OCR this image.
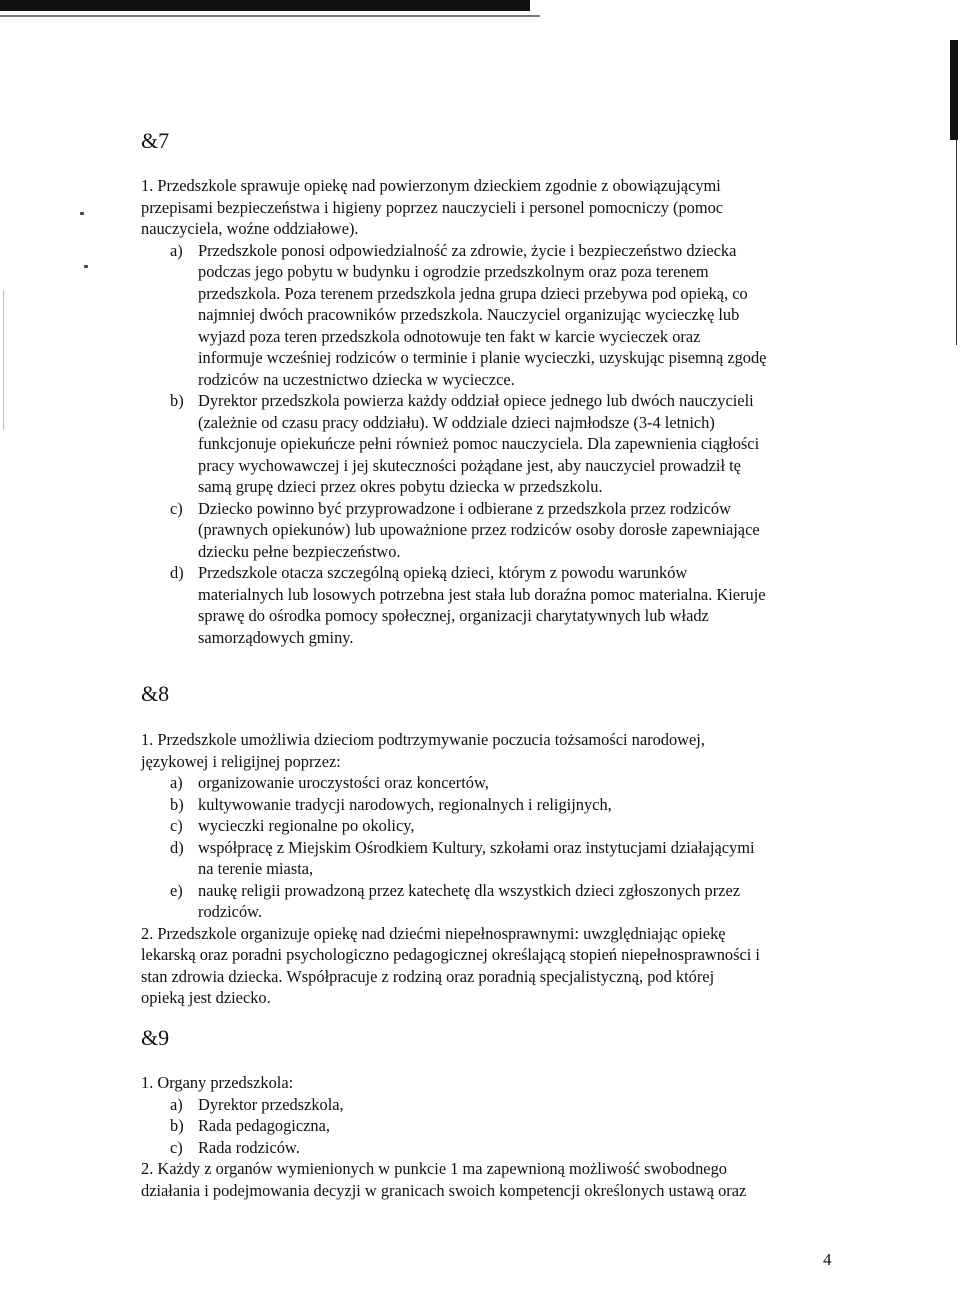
&7
1. Przedszkole sprawuje opiekę nad powierzonym dzieckiem zgodnie z obowiązującymi
przepisami bezpieczeństwa i higieny poprzez nauczycieli i personel pomocniczy (pomoc
nauczyciela, woźne oddziałowe).
a) Przedszkole ponosi odpowiedzialność za zdrowie, życie i bezpieczeństwo dziecka
podczas jego pobytu w budynku i ogrodzie przedszkolnym oraz poza terenem
przedszkola. Poza terenem przedszkola jedna grupa dzieci przebywa pod opieką, co
najmniej dwóch pracowników przedszkola. Nauczyciel organizując wycieczkę lub
wyjazd poza teren przedszkola odnotowuje ten fakt w karcie wycieczek oraz
informuje wcześniej rodziców o terminie i planie wycieczki, uzyskując pisemną zgodę
rodziców na uczestnictwo dziecka w wycieczce.
b) Dyrektor przedszkola powierza każdy oddział opiece jednego lub dwóch nauczycieli
(zależnie od czasu pracy oddziału). W oddziale dzieci najmłodsze (3-4 letnich)
funkcjonuje opiekuńcze pełni również pomoc nauczyciela. Dla zapewnienia ciągłości
pracy wychowawczej i jej skuteczności pożądane jest, aby nauczyciel prowadził tę
samą grupę dzieci przez okres pobytu dziecka w przedszkolu.
c) Dziecko powinno być przyprowadzone i odbierane z przedszkola przez rodziców
(prawnych opiekunów) lub upoważnione przez rodziców osoby dorosłe zapewniające
dziecku pełne bezpieczeństwo.
d) Przedszkole otacza szczególną opieką dzieci, którym z powodu warunków
materialnych lub losowych potrzebna jest stała lub doraźna pomoc materialna. Kieruje
sprawę do ośrodka pomocy społecznej, organizacji charytatywnych lub władz
samorządowych gminy.
&8
1. Przedszkole umożliwia dzieciom podtrzymywanie poczucia tożsamości narodowej,
językowej i religijnej poprzez:
a) organizowanie uroczystości oraz koncertów,
b) kultywowanie tradycji narodowych, regionalnych i religijnych,
c) wycieczki regionalne po okolicy,
d) współpracę z Miejskim Ośrodkiem Kultury, szkołami oraz instytucjami działającymi
na terenie miasta,
e) naukę religii prowadzoną przez katechetę dla wszystkich dzieci zgłoszonych przez
rodziców.
2. Przedszkole organizuje opiekę nad dziećmi niepełnosprawnymi: uwzględniając opiekę
lekarską oraz poradni psychologiczno pedagogicznej określającą stopień niepełnosprawności i
stan zdrowia dziecka. Współpracuje z rodziną oraz poradnią specjalistyczną, pod której
opieką jest dziecko.
&9
1. Organy przedszkola:
a) Dyrektor przedszkola,
b) Rada pedagogiczna,
c) Rada rodziców.
2. Każdy z organów wymienionych w punkcie 1 ma zapewnioną możliwość swobodnego
działania i podejmowania decyzji w granicach swoich kompetencji określonych ustawą oraz
4
